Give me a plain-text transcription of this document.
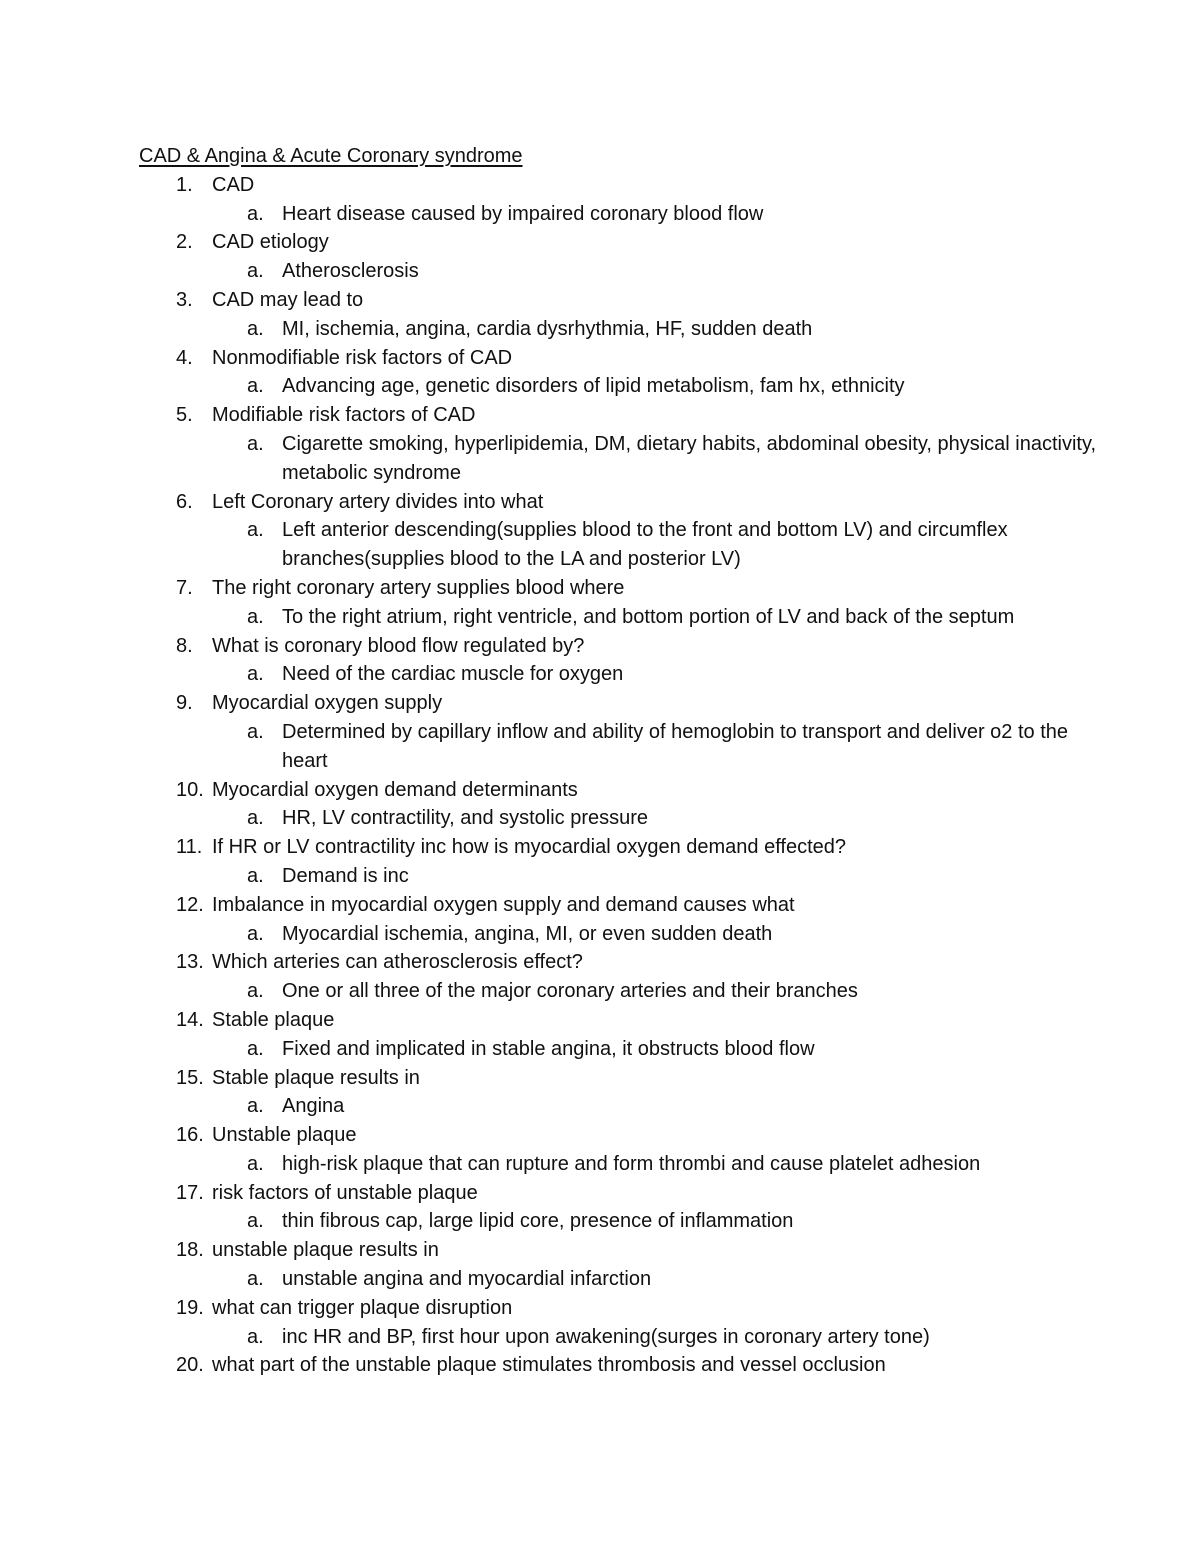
CAD & Angina & Acute Coronary syndrome
1. CAD
a. Heart disease caused by impaired coronary blood flow
2. CAD etiology
a. Atherosclerosis
3. CAD may lead to
a. MI, ischemia, angina, cardia dysrhythmia, HF, sudden death
4. Nonmodifiable risk factors of CAD
a. Advancing age, genetic disorders of lipid metabolism, fam hx, ethnicity
5. Modifiable risk factors of CAD
a. Cigarette smoking, hyperlipidemia, DM, dietary habits, abdominal obesity, physical inactivity, metabolic syndrome
6. Left Coronary artery divides into what
a. Left anterior descending(supplies blood to the front and bottom LV) and circumflex branches(supplies blood to the LA and posterior LV)
7. The right coronary artery supplies blood where
a. To the right atrium, right ventricle, and bottom portion of LV and back of the septum
8. What is coronary blood flow regulated by?
a. Need of the cardiac muscle for oxygen
9. Myocardial oxygen supply
a. Determined by capillary inflow and ability of hemoglobin to transport and deliver o2 to the heart
10. Myocardial oxygen demand determinants
a. HR, LV contractility, and systolic pressure
11. If HR or LV contractility inc how is myocardial oxygen demand effected?
a. Demand is inc
12. Imbalance in myocardial oxygen supply and demand causes what
a. Myocardial ischemia, angina, MI, or even sudden death
13. Which arteries can atherosclerosis effect?
a. One or all three of the major coronary arteries and their branches
14. Stable plaque
a. Fixed and implicated in stable angina, it obstructs blood flow
15. Stable plaque results in
a. Angina
16. Unstable plaque
a. high-risk plaque that can rupture and form thrombi and cause platelet adhesion
17. risk factors of unstable plaque
a. thin fibrous cap, large lipid core, presence of inflammation
18. unstable plaque results in
a. unstable angina and myocardial infarction
19. what can trigger plaque disruption
a. inc HR and BP, first hour upon awakening(surges in coronary artery tone)
20. what part of the unstable plaque stimulates thrombosis and vessel occlusion
